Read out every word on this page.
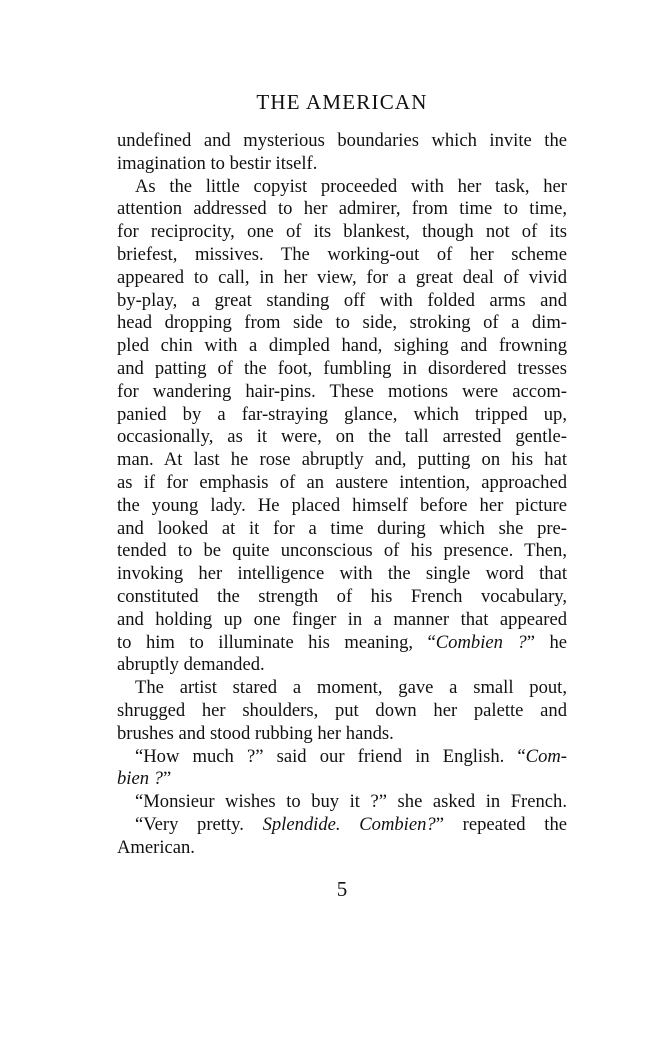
THE AMERICAN
undefined and mysterious boundaries which invite the
imagination to bestir itself.
As the little copyist proceeded with her task, her
attention addressed to her admirer, from time to time,
for reciprocity, one of its blankest, though not of its
briefest, missives. The working-out of her scheme
appeared to call, in her view, for a great deal of vivid
by-play, a great standing off with folded arms and
head dropping from side to side, stroking of a dim-
pled chin with a dimpled hand, sighing and frowning
and patting of the foot, fumbling in disordered tresses
for wandering hair-pins. These motions were accom-
panied by a far-straying glance, which tripped up,
occasionally, as it were, on the tall arrested gentle-
man. At last he rose abruptly and, putting on his hat
as if for emphasis of an austere intention, approached
the young lady. He placed himself before her picture
and looked at it for a time during which she pre-
tended to be quite unconscious of his presence. Then,
invoking her intelligence with the single word that
constituted the strength of his French vocabulary,
and holding up one finger in a manner that appeared
to him to illuminate his meaning, “Combien ?” he
abruptly demanded.
The artist stared a moment, gave a small pout,
shrugged her shoulders, put down her palette and
brushes and stood rubbing her hands.
“How much ?” said our friend in English. “Com-
bien ?”
“Monsieur wishes to buy it ?” she asked in French.
“Very pretty. Splendide. Combien?” repeated the
American.
5
